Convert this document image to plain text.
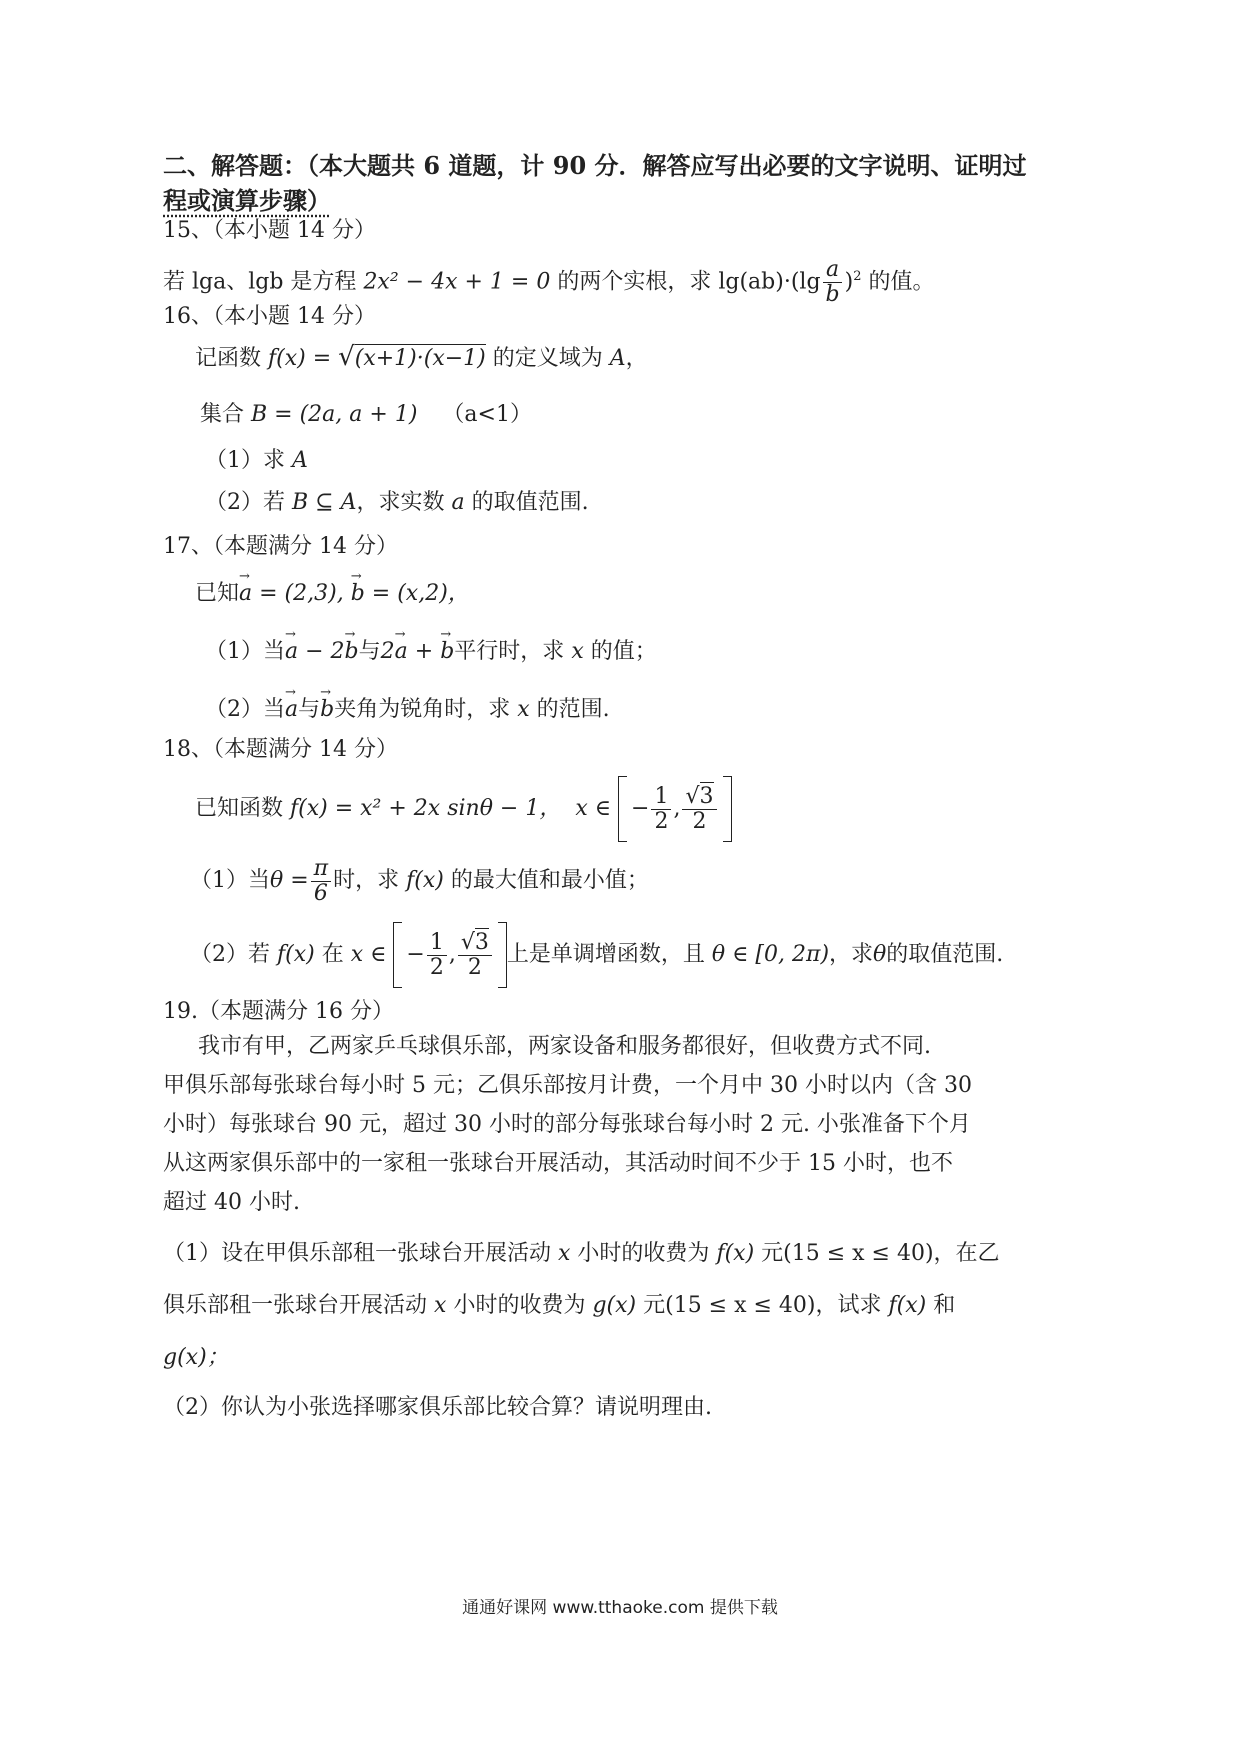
二、解答题：（本大题共 6 道题，计 90 分．解答应写出必要的文字说明、证明过
程或演算步骤）
15、（本小题 14 分）
若 lga、lgb 是方程 2x² − 4x + 1 = 0 的两个实根，求 $\lg(ab)\cdot(\lg \frac{a}{b} )^2$ 的值。
16、（本小题 14 分）
记函数 f(x) = √(x+1)·(x−1) 的定义域为 A，
集合 B = (2a, a + 1) （a<1）
（1）求 A
（2）若 B ⊆ A，求实数 a 的取值范围.
17、（本题满分 14 分）
已知→ a = (2,3), → b = (x,2)，
（1）当→ a − 2→ b与2→ a + → b平行时，求 x 的值；
（2）当→ a与→ b夹角为锐角时，求 x 的范围.
18、（本题满分 14 分）
已知函数
f(x) = x² + 2x sinθ − 1，
x ∈
− $\frac{1}{2}$ , $\frac{√3}{2}$
（1）当 $\theta = \frac{\pi}{6}$ 时，求
f(x)
的最大值和最小值；
（2）若
f(x)
在
x ∈
− $\frac{1}{2}$ , $\frac{√3}{2}$ 上是单调增函数，且
θ ∈ [0, 2π) ，求 θ 的取值范围.
19.（本题满分 16 分）
我市有甲，乙两家乒乓球俱乐部，两家设备和服务都很好，但收费方式不同.
甲俱乐部每张球台每小时 5 元；乙俱乐部按月计费，一个月中 30 小时以内（含 30
小时）每张球台 90 元，超过 30 小时的部分每张球台每小时 2 元. 小张准备下个月
从这两家俱乐部中的一家租一张球台开展活动，其活动时间不少于 15 小时，也不
超过 40 小时.
（1）设在甲俱乐部租一张球台开展活动 x 小时的收费为 f(x) 元(15 ≤ x ≤ 40)，在乙
俱乐部租一张球台开展活动 x 小时的收费为 g(x) 元(15 ≤ x ≤ 40)，试求 f(x) 和
g(x)；
（2）你认为小张选择哪家俱乐部比较合算？请说明理由.
通通好课网 www.tthaoke.com 提供下载
